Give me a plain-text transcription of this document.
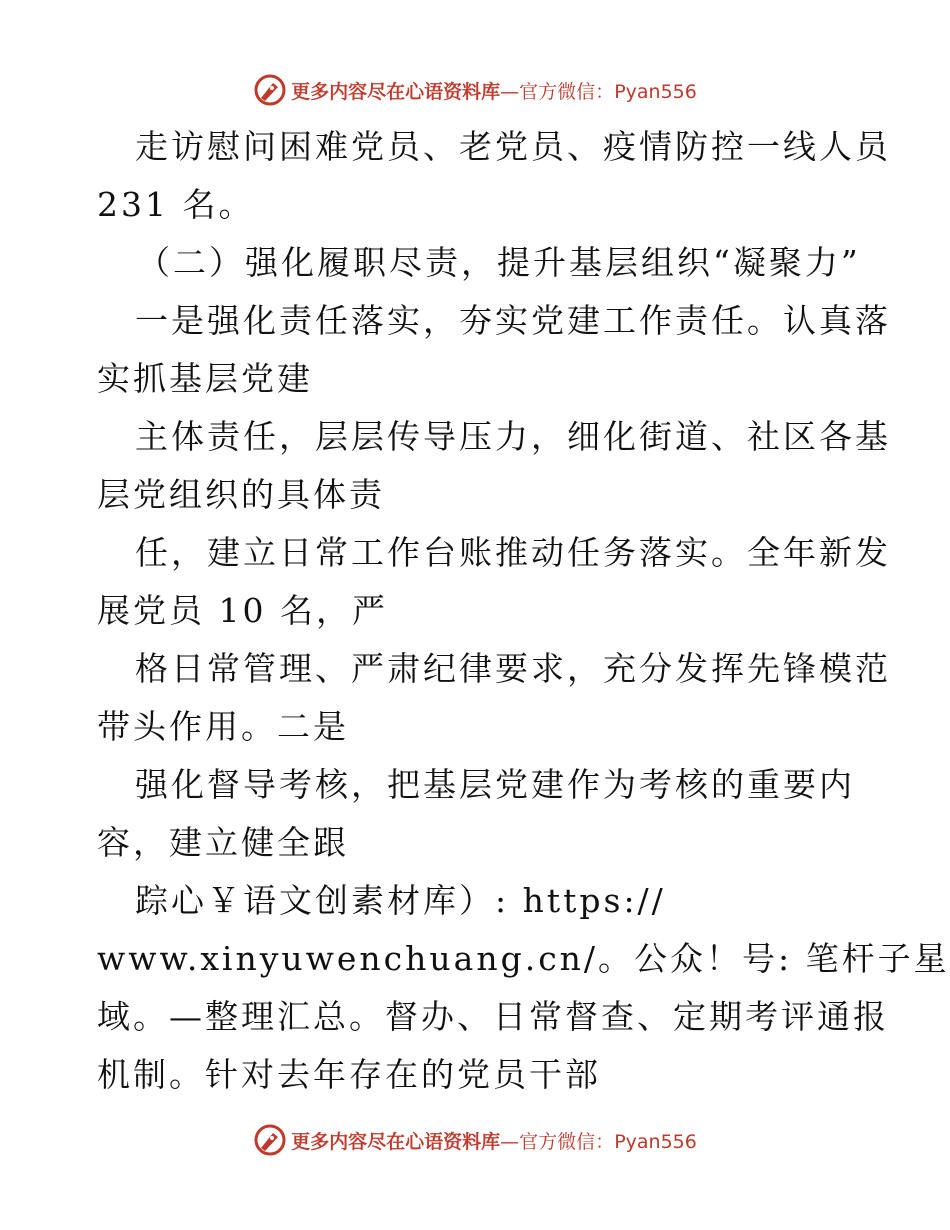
更多内容尽在心语资料库—官方微信：Pyan556
走访慰问困难党员、老党员、疫情防控一线人员
231 名。
（二）强化履职尽责，提升基层组织“凝聚力”
一是强化责任落实，夯实党建工作责任。认真落
实抓基层党建
主体责任，层层传导压力，细化街道、社区各基
层党组织的具体责
任，建立日常工作台账推动任务落实。全年新发
展党员 10 名，严
格日常管理、严肃纪律要求，充分发挥先锋模范
带头作用。二是
强化督导考核，把基层党建作为考核的重要内
容，建立健全跟
踪心￥语文创素材库）: https://
www.xinyuwenchuang.cn/。公众！号: 笔杆子星
域。—整理汇总。督办、日常督查、定期考评通报
机制。针对去年存在的党员干部
更多内容尽在心语资料库—官方微信：Pyan556
